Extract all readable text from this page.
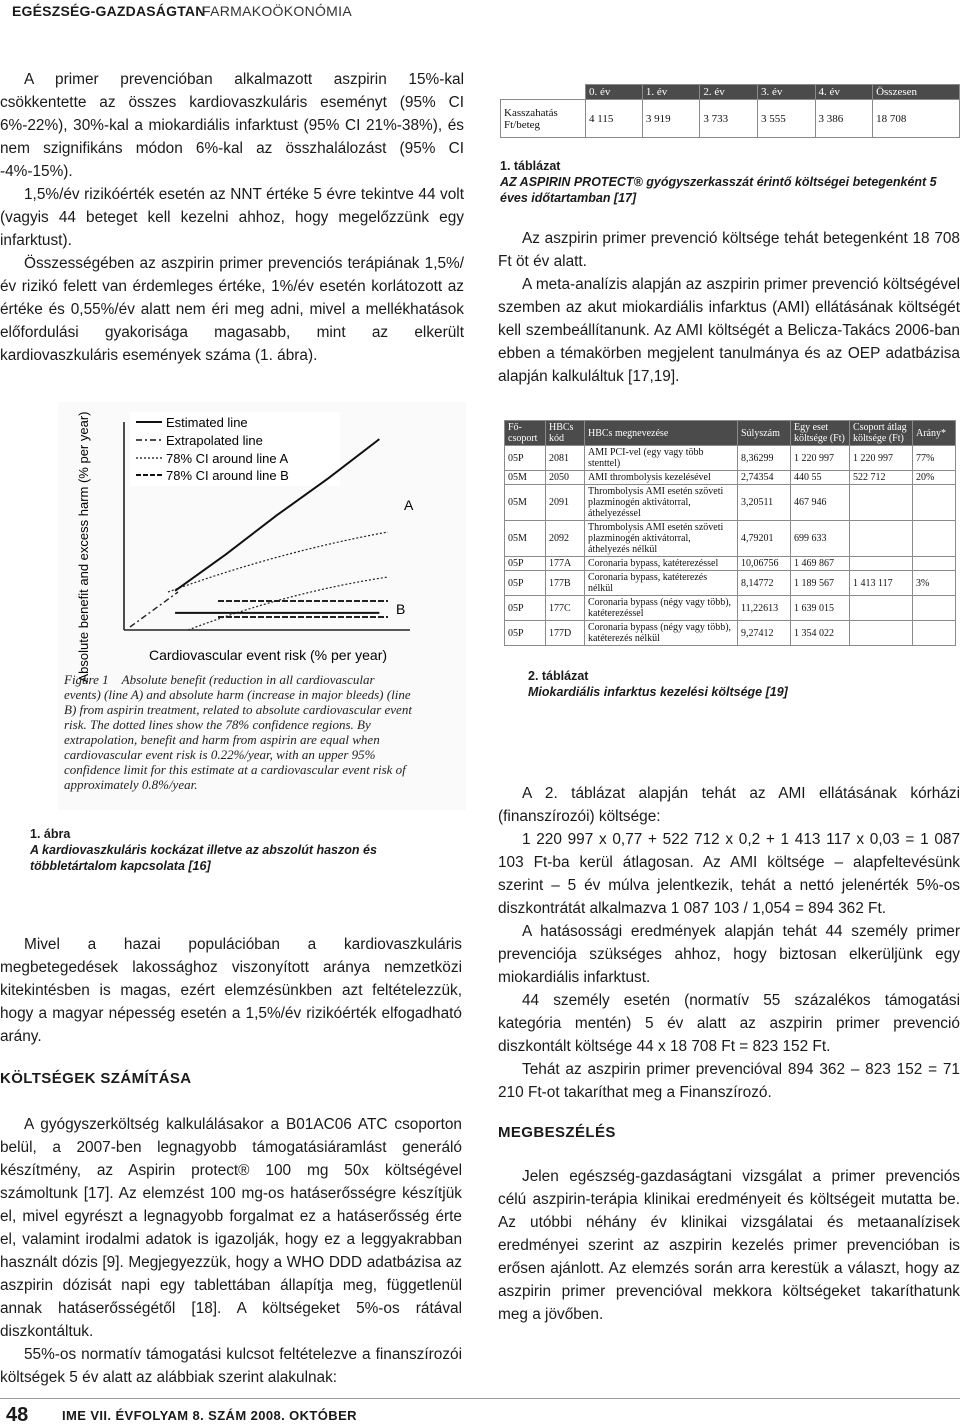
EGÉSZSÉG-GAZDASÁGTAN
FARMAKOÖKONÓMIA

A primer prevencióban alkalmazott aszpirin 15%-kal csökkentette az összes kardiovaszkuláris eseményt (95% CI 6%-22%), 30%-kal a miokardiális infarktust (95% CI 21%-38%), és nem szignifikáns módon 6%-kal az összhalálozást (95% CI -4%-15%).

1,5%/év rizikóérték esetén az NNT értéke 5 évre tekintve 44 volt (vagyis 44 beteget kell kezelni ahhoz, hogy megelőzzünk egy infarktust).

Összességében az aszpirin primer prevenciós terápiának 1,5%/év rizikó felett van érdemleges értéke, 1%/év esetén korlátozott az értéke és 0,55%/év alatt nem éri meg adni, mivel a mellékhatások előfordulási gyakorisága magasabb, mint az elkerült kardiovaszkuláris események száma (1. ábra).

	0. év	1. év	2. év	3. év	4. év	Összesen
Kasszahatás Ft/beteg	4 115	3 919	3 733	3 555	3 386	18 708

1. táblázat
AZ ASPIRIN PROTECT® gyógyszerkasszát érintő költségei betegenként 5 éves időtartamban [17]

Az aszpirin primer prevenció költsége tehát betegenként 18 708 Ft öt év alatt.

A meta-analízis alapján az aszpirin primer prevenció költségével szemben az akut miokardiális infarktus (AMI) ellátásának költségét kell szembeállítanunk. Az AMI költségét a Belicza-Takács 2006-ban ebben a témakörben megjelent tanulmánya és az OEP adatbázisa alapján kalkuláltuk [17,19].

Absolute benefit and excess harm (% per year)	Estimated line
Extrapolated line
78% CI around line A
78% CI around line B
A
B
Cardiovascular event risk (% per year)
Figure 1 Absolute benefit (reduction in all cardiovascular events) (line A) and absolute harm (increase in major bleeds) (line B) from aspirin treatment, related to absolute cardiovascular event risk. The dotted lines show the 78% confidence regions. By extrapolation, benefit and harm from aspirin are equal when cardiovascular event risk is 0.22%/year, with an upper 95% confidence limit for this estimate at a cardiovascular event risk of approximately 0.8%/year.

1. ábra
A kardiovaszkuláris kockázat illetve az abszolút haszon és többletártalom kapcsolata [16]

Fő-csoport	HBCs kód	HBCs megnevezése	Súlyszám	Egy eset költsége (Ft)	Csoport átlag költsége (Ft)	Arány*
05P	2081	AMI PCI-vel (egy vagy több stenttel)	8,36299	1 220 997	1 220 997	77%
05M	2050	AMI thrombolysis kezelésével	2,74354	440 55	522 712	20%
05M	2091	Thrombolysis AMI esetén szöveti plazminogén aktivátorral, áthelyezéssel	3,20511	467 946		
05M	2092	Thrombolysis AMI esetén szöveti plazminogén aktivátorral, áthelyezés nélkül	4,79201	699 633		
05P	177A	Coronaria bypass, katéterezéssel	10,06756	1 469 867		
05P	177B	Coronaria bypass, katéterezés nélkül	8,14772	1 189 567	1 413 117	3%
05P	177C	Coronaria bypass (négy vagy több), katéterezéssel	11,22613	1 639 015		
05P	177D	Coronaria bypass (négy vagy több), katéterezés nélkül	9,27412	1 354 022		

2. táblázat
Miokardiális infarktus kezelési költsége [19]

Mivel a hazai populációban a kardiovaszkuláris megbetegedések lakossághoz viszonyított aránya nemzetközi kitekintésben is magas, ezért elemzésünkben azt feltételezzük, hogy a magyar népesség esetén a 1,5%/év rizikóérték elfogadható arány.

KÖLTSÉGEK SZÁMÍTÁSA

A gyógyszerköltség kalkulálásakor a B01AC06 ATC csoporton belül, a 2007-ben legnagyobb támogatásiáramlást generáló készítmény, az Aspirin protect® 100 mg 50x költségével számoltunk [17]. Az elemzést 100 mg-os hatáserősségre készítjük el, mivel egyrészt a legnagyobb forgalmat ez a hatáserősség érte el, valamint irodalmi adatok is igazolják, hogy ez a leggyakrabban használt dózis [9]. Megjegyezzük, hogy a WHO DDD adatbázisa az aszpirin dózisát napi egy tablettában állapítja meg, függetlenül annak hatáserősségétől [18]. A költségeket 5%-os rátával diszkontáltuk.

55%-os normatív támogatási kulcsot feltételezve a finanszírozói költségek 5 év alatt az alábbiak szerint alakulnak:

A 2. táblázat alapján tehát az AMI ellátásának kórházi (finanszírozói) költsége:

1 220 997 x 0,77 + 522 712 x 0,2 + 1 413 117 x 0,03 = 1 087 103 Ft-ba kerül átlagosan. Az AMI költsége – alapfeltevésünk szerint – 5 év múlva jelentkezik, tehát a nettó jelenérték 5%-os diszkontrátát alkalmazva 1 087 103 / 1,054 = 894 362 Ft.

A hatásossági eredmények alapján tehát 44 személy primer prevenciója szükséges ahhoz, hogy biztosan elkerüljünk egy miokardiális infarktust.

44 személy esetén (normatív 55 százalékos támogatási kategória mentén) 5 év alatt az aszpirin primer prevenció diszkontált költsége 44 x 18 708 Ft = 823 152 Ft.

Tehát az aszpirin primer prevencióval 894 362 – 823 152 = 71 210 Ft-ot takaríthat meg a Finanszírozó.

MEGBESZÉLÉS

Jelen egészség-gazdaságtani vizsgálat a primer prevenciós célú aszpirin-terápia klinikai eredményeit és költségeit mutatta be. Az utóbbi néhány év klinikai vizsgálatai és metaanalízisek eredményei szerint az aszpirin kezelés primer prevencióban is erősen ajánlott. Az elemzés során arra kerestük a választ, hogy az aszpirin primer prevencióval mekkora költségeket takaríthatunk meg a jövőben.

48	IME VII. ÉVFOLYAM 8. SZÁM 2008. OKTÓBER
